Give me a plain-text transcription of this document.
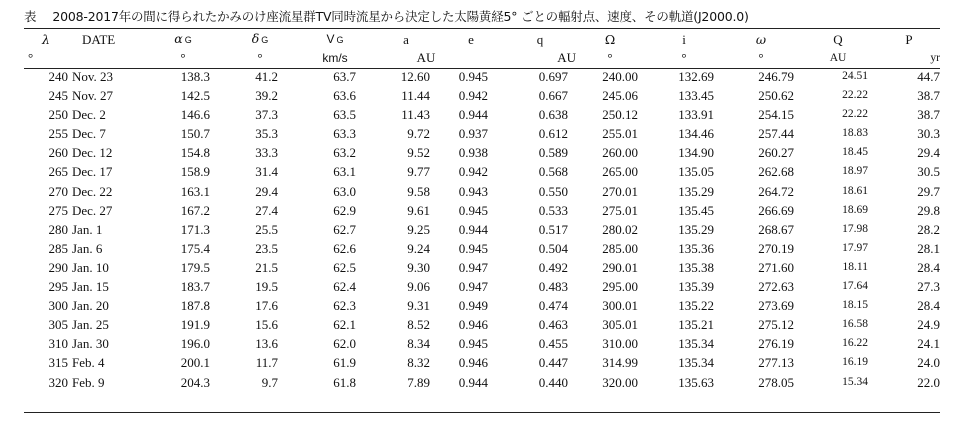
表　 2008-2017年の間に得られたかみのけ座流星群TV同時流星から決定した太陽黄経5° ごとの輻射点、速度、その軌道(J2000.0)
λ	DATE	α G	δ G	V G	a	e	q	Ω	i	ω	Q	P
°		°	°	km/s	AU		AU	°	°	°	AU	yr
240	Nov. 23	138.3	41.2	63.7	12.60	0.945	0.697	240.00	132.69	246.79	24.51	44.7
245	Nov. 27	142.5	39.2	63.6	11.44	0.942	0.667	245.06	133.45	250.62	22.22	38.7
250	Dec. 2	146.6	37.3	63.5	11.43	0.944	0.638	250.12	133.91	254.15	22.22	38.7
255	Dec. 7	150.7	35.3	63.3	9.72	0.937	0.612	255.01	134.46	257.44	18.83	30.3
260	Dec. 12	154.8	33.3	63.2	9.52	0.938	0.589	260.00	134.90	260.27	18.45	29.4
265	Dec. 17	158.9	31.4	63.1	9.77	0.942	0.568	265.00	135.05	262.68	18.97	30.5
270	Dec. 22	163.1	29.4	63.0	9.58	0.943	0.550	270.01	135.29	264.72	18.61	29.7
275	Dec. 27	167.2	27.4	62.9	9.61	0.945	0.533	275.01	135.45	266.69	18.69	29.8
280	Jan. 1	171.3	25.5	62.7	9.25	0.944	0.517	280.02	135.29	268.67	17.98	28.2
285	Jan. 6	175.4	23.5	62.6	9.24	0.945	0.504	285.00	135.36	270.19	17.97	28.1
290	Jan. 10	179.5	21.5	62.5	9.30	0.947	0.492	290.01	135.38	271.60	18.11	28.4
295	Jan. 15	183.7	19.5	62.4	9.06	0.947	0.483	295.00	135.39	272.63	17.64	27.3
300	Jan. 20	187.8	17.6	62.3	9.31	0.949	0.474	300.01	135.22	273.69	18.15	28.4
305	Jan. 25	191.9	15.6	62.1	8.52	0.946	0.463	305.01	135.21	275.12	16.58	24.9
310	Jan. 30	196.0	13.6	62.0	8.34	0.945	0.455	310.00	135.34	276.19	16.22	24.1
315	Feb. 4	200.1	11.7	61.9	8.32	0.946	0.447	314.99	135.34	277.13	16.19	24.0
320	Feb. 9	204.3	9.7	61.8	7.89	0.944	0.440	320.00	135.63	278.05	15.34	22.0
